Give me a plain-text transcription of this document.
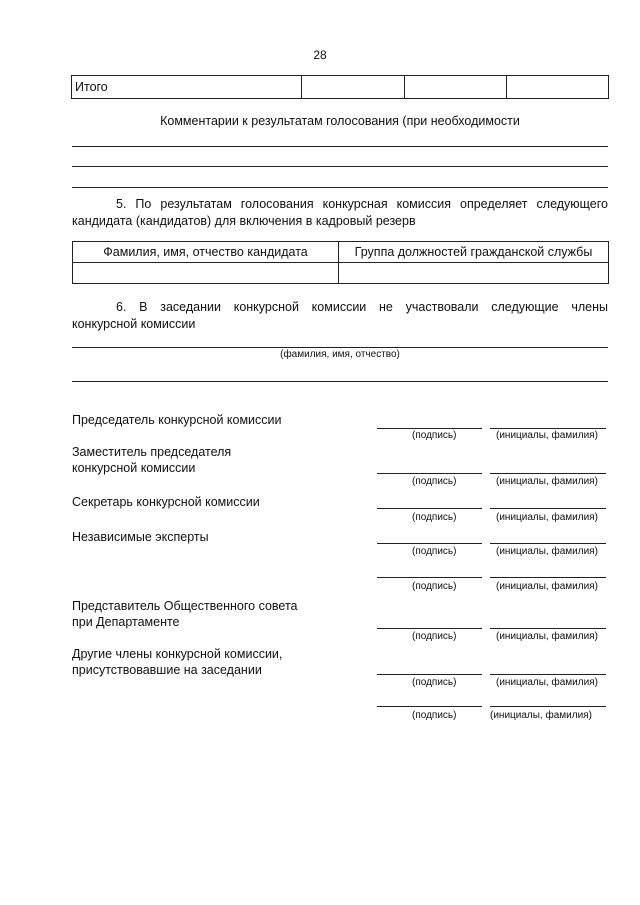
28
Итого			
Комментарии к результатам голосования (при необходимости
5. По результатам голосования конкурсная комиссия определяет следующего
кандидата (кандидатов) для включения в кадровый резерв
Фамилия, имя, отчество кандидата	Группа должностей гражданской службы

6. В заседании конкурсной комиссии не участвовали следующие члены
конкурсной комиссии
(фамилия, имя, отчество)
Председатель конкурсной комиссии
(подпись)	(инициалы, фамилия)
Заместитель председателя
конкурсной комиссии
(подпись)	(инициалы, фамилия)
Секретарь конкурсной комиссии
(подпись)	(инициалы, фамилия)
Независимые эксперты
(подпись)	(инициалы, фамилия)
(подпись)	(инициалы, фамилия)
Представитель Общественного совета
при Департаменте
(подпись)	(инициалы, фамилия)
Другие члены конкурсной комиссии,
присутствовавшие на заседании
(подпись)	(инициалы, фамилия)
(подпись)	(инициалы, фамилия)
